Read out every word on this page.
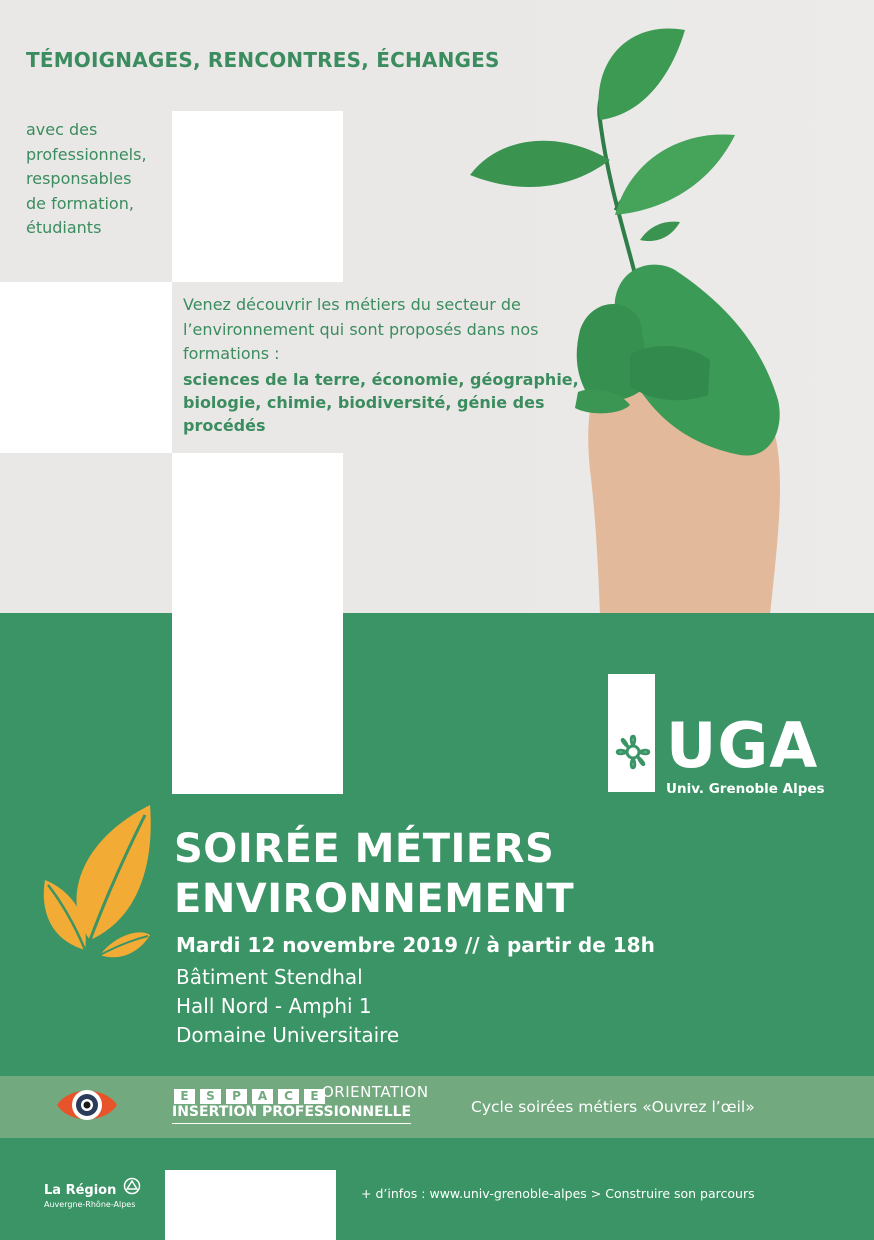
TÉMOIGNAGES, RENCONTRES, ÉCHANGES
avec des
professionnels,
responsables
de formation,
étudiants
Venez découvrir les métiers du secteur de l’environnement qui sont proposés dans nos formations :
sciences de la terre, économie, géographie, biologie, chimie, biodiversité, génie des procédés
UGA
Univ. Grenoble Alpes
SOIRÉE MÉTIERS
ENVIRONNEMENT
Mardi 12 novembre 2019 // à partir de 18h
Bâtiment Stendhal
Hall Nord - Amphi 1
Domaine Universitaire
E S P A C E ORIENTATION
INSERTION PROFESSIONNELLE	Cycle soirées métiers «Ouvrez l’œil»
La Région
Auvergne-Rhône-Alpes
+ d’infos : www.univ-grenoble-alpes > Construire son parcours
